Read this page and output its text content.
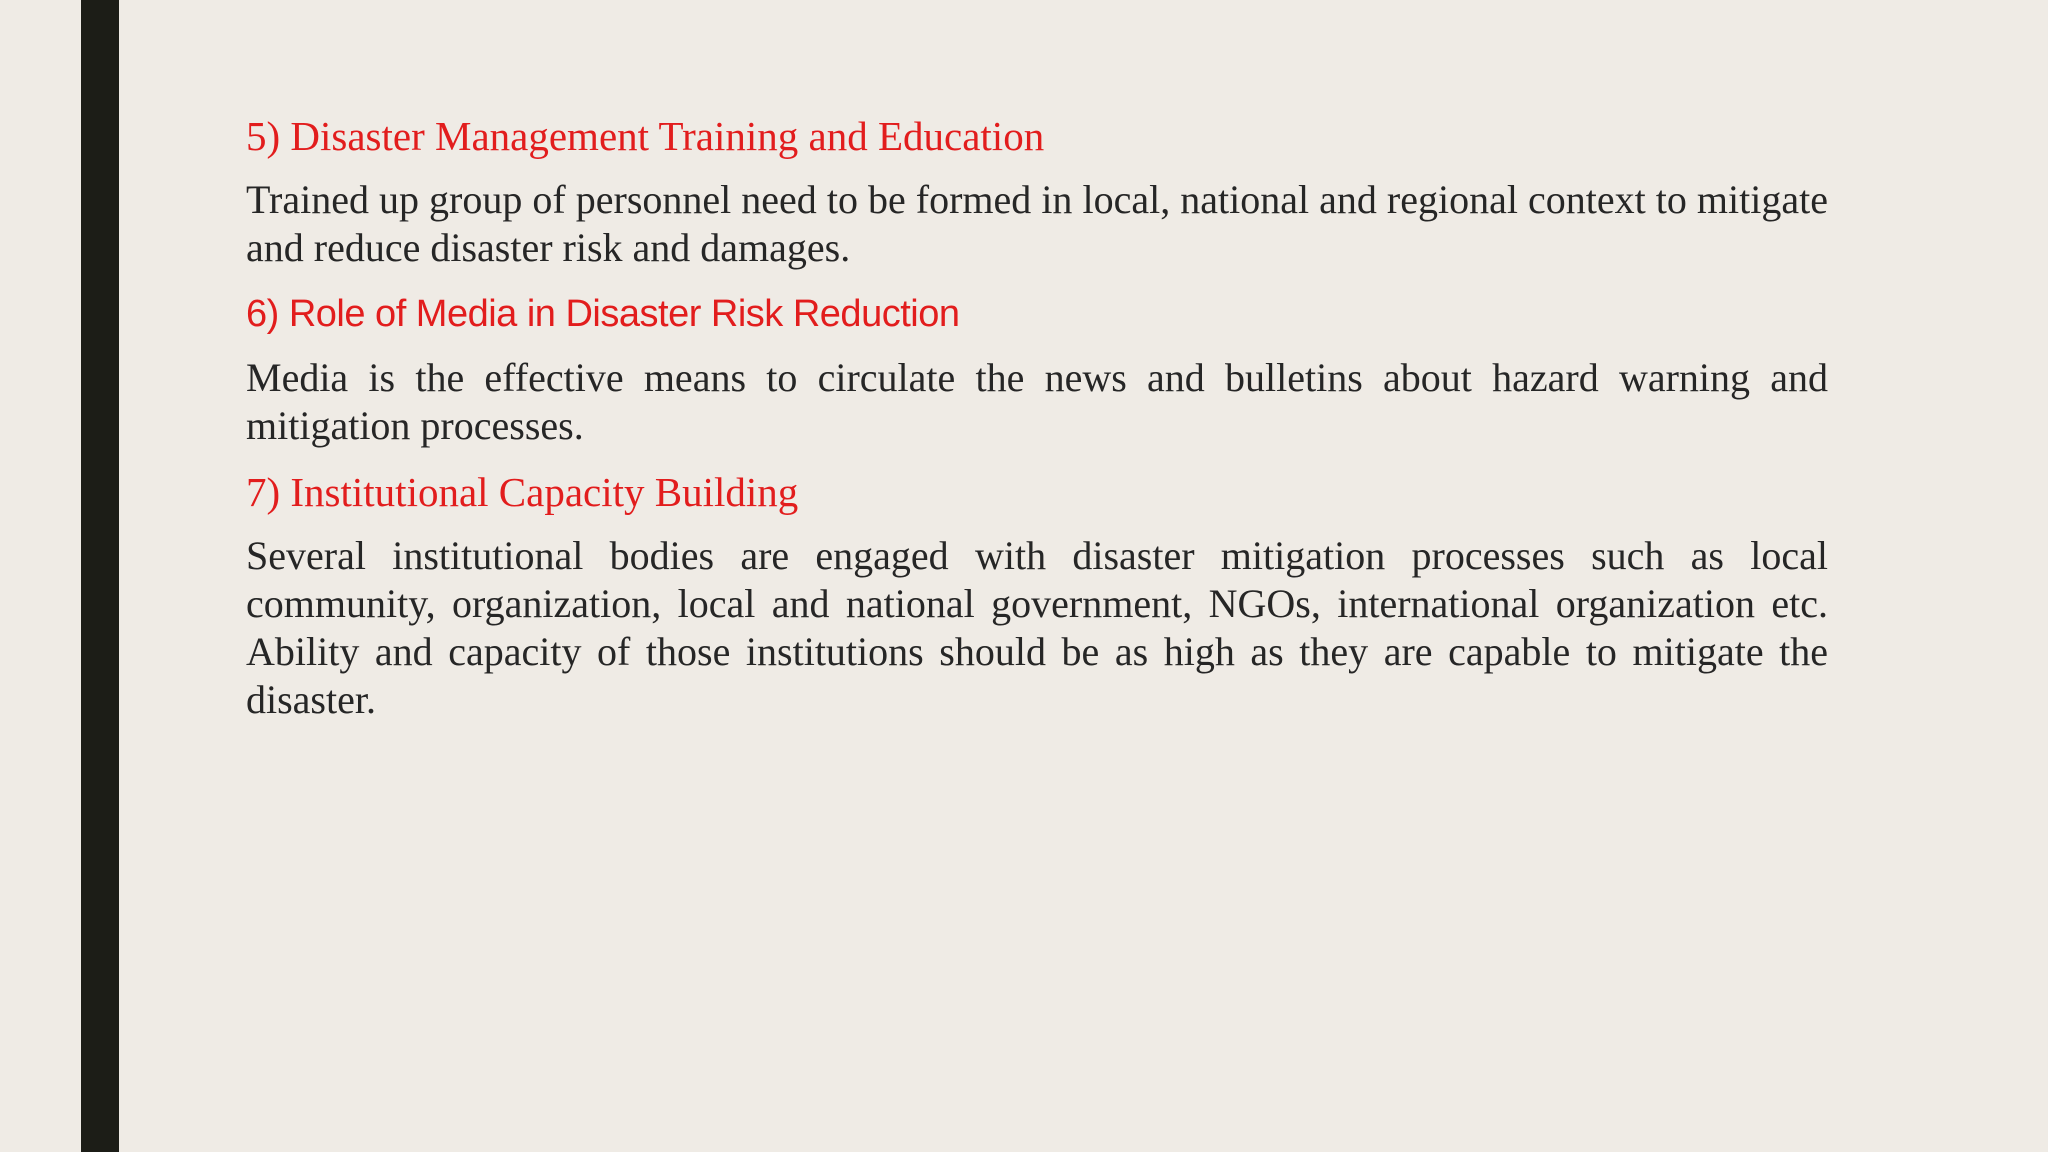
5) Disaster Management Training and Education
Trained up group of personnel need to be formed in local, national and regional context to mitigate and reduce disaster risk and damages.
6) Role of Media in Disaster Risk Reduction
Media is the effective means to circulate the news and bulletins about hazard warning and mitigation processes.
7) Institutional Capacity Building
Several institutional bodies are engaged with disaster mitigation processes such as local community, organization, local and national government, NGOs, international organization etc. Ability and capacity of those institutions should be as high as they are capable to mitigate the disaster.
